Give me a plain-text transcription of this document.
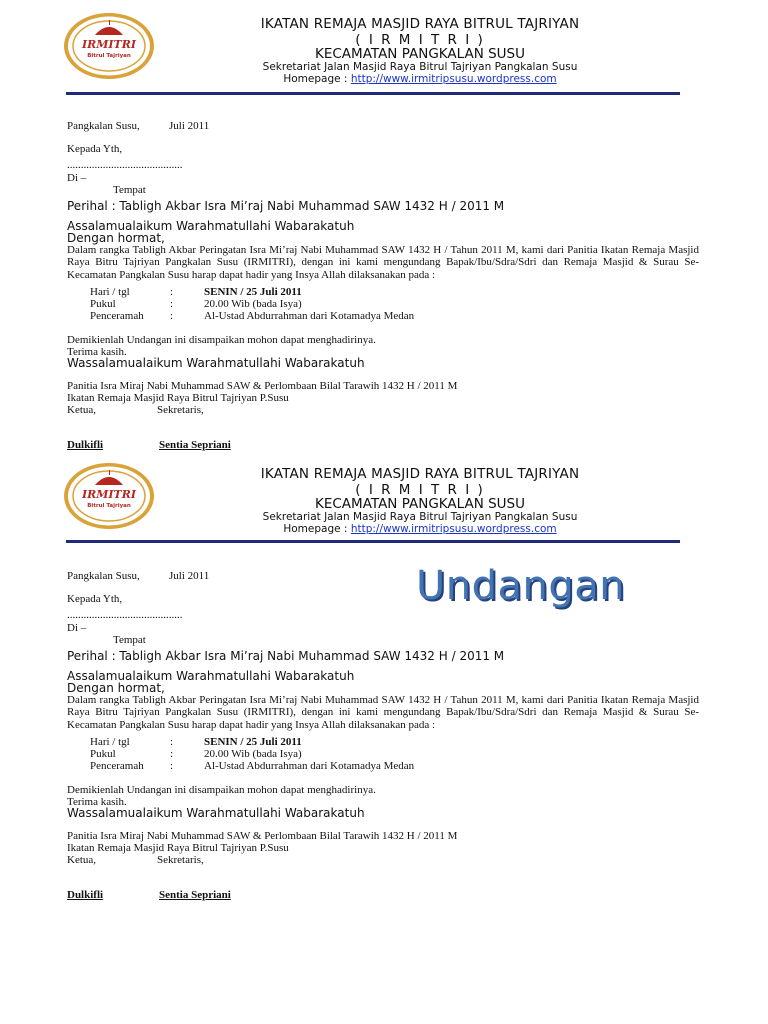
IRMITRI
Bitrul Tajriyan
IKATAN REMAJA MASJID RAYA BITRUL TAJRIYAN
( I R M I T R I )
KECAMATAN PANGKALAN SUSU
Sekretariat Jalan Masjid Raya Bitrul Tajriyan Pangkalan Susu
Homepage : http://www.irmitripsusu.wordpress.com
Pangkalan Susu,	Juli 2011
Kepada Yth,
..........................................
Di –
Tempat
Perihal : Tabligh Akbar Isra Mi’raj Nabi Muhammad SAW 1432 H / 2011 M
Assalamualaikum Warahmatullahi Wabarakatuh
Dengan hormat,
Dalam rangka Tabligh Akbar Peringatan Isra Mi’raj Nabi Muhammad SAW 1432 H / Tahun 2011 M, kami dari Panitia Ikatan Remaja Masjid Raya Bitru Tajriyan Pangkalan Susu (IRMITRI), dengan ini kami mengundang Bapak/Ibu/Sdra/Sdri dan Remaja Masjid & Surau Se-Kecamatan Pangkalan Susu harap dapat hadir yang Insya Allah dilaksanakan pada :
Hari / tgl	:	SENIN / 25 Juli 2011
Pukul	:	20.00 Wib (bada Isya)
Penceramah :	Al-Ustad Abdurrahman dari Kotamadya Medan
Demikienlah Undangan ini disampaikan mohon dapat menghadirinya.
Terima kasih.
Wassalamualaikum Warahmatullahi Wabarakatuh
Panitia Isra Miraj Nabi Muhammad SAW & Perlombaan Bilal Tarawih 1432 H / 2011 M
Ikatan Remaja Masjid Raya Bitrul Tajriyan P.Susu
Ketua,	Sekretaris,
Dulkifli	Sentia Sepriani
IRMITRI
Bitrul Tajriyan
IKATAN REMAJA MASJID RAYA BITRUL TAJRIYAN
( I R M I T R I )
KECAMATAN PANGKALAN SUSU
Sekretariat Jalan Masjid Raya Bitrul Tajriyan Pangkalan Susu
Homepage : http://www.irmitripsusu.wordpress.com
Pangkalan Susu,	Juli 2011
Kepada Yth,
..........................................
Di –
Tempat
Perihal : Tabligh Akbar Isra Mi’raj Nabi Muhammad SAW 1432 H / 2011 M
Assalamualaikum Warahmatullahi Wabarakatuh
Dengan hormat,
Dalam rangka Tabligh Akbar Peringatan Isra Mi’raj Nabi Muhammad SAW 1432 H / Tahun 2011 M, kami dari Panitia Ikatan Remaja Masjid Raya Bitru Tajriyan Pangkalan Susu (IRMITRI), dengan ini kami mengundang Bapak/Ibu/Sdra/Sdri dan Remaja Masjid & Surau Se-Kecamatan Pangkalan Susu harap dapat hadir yang Insya Allah dilaksanakan pada :
Hari / tgl	:	SENIN / 25 Juli 2011
Pukul	:	20.00 Wib (bada Isya)
Penceramah :	Al-Ustad Abdurrahman dari Kotamadya Medan
Demikienlah Undangan ini disampaikan mohon dapat menghadirinya.
Terima kasih.
Wassalamualaikum Warahmatullahi Wabarakatuh
Panitia Isra Miraj Nabi Muhammad SAW & Perlombaan Bilal Tarawih 1432 H / 2011 M
Ikatan Remaja Masjid Raya Bitrul Tajriyan P.Susu
Ketua,	Sekretaris,
Dulkifli	Sentia Sepriani
Undangan
